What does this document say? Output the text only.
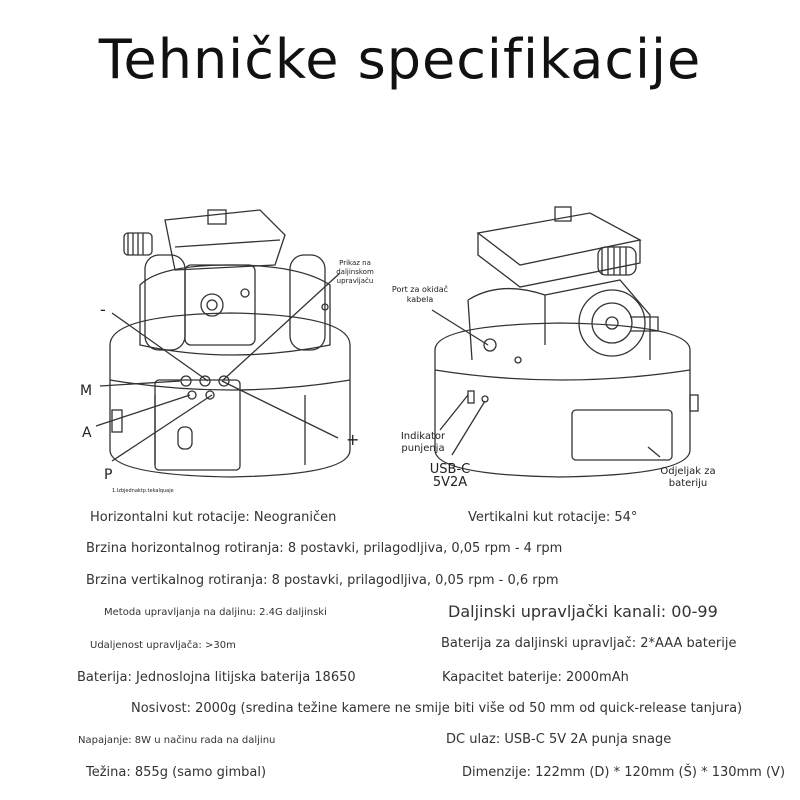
Tehničke specifikacije
-
M
A
P
+
Prikaz na
daljinskom
upravljaču
1.Izbjednaktp.tekalquaje
Port za okidač
kabela
Indikator
punjenja
USB-C
5V2A
Odjeljak za
bateriju
Horizontalni kut rotacije: Neograničen	Vertikalni kut rotacije: 54°
Brzina horizontalnog rotiranja: 8 postavki, prilagodljiva, 0,05 rpm - 4 rpm
Brzina vertikalnog rotiranja: 8 postavki, prilagodljiva, 0,05 rpm - 0,6 rpm
Metoda upravljanja na daljinu: 2.4G daljinski	Daljinski upravljački kanali: 00-99
Udaljenost upravljača: >30m	Baterija za daljinski upravljač: 2*AAA baterije
Baterija: Jednoslojna litijska baterija 18650	Kapacitet baterije: 2000mAh
Nosivost: 2000g (sredina težine kamere ne smije biti više od 50 mm od quick-release tanjura)
Napajanje: 8W u načinu rada na daljinu	DC ulaz: USB-C 5V 2A punja snage
Težina: 855g (samo gimbal)	Dimenzije: 122mm (D) * 120mm (Š) * 130mm (V)
